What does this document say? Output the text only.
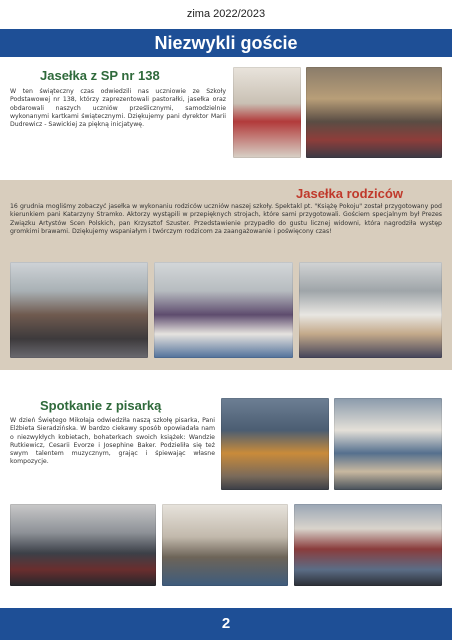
zima 2022/2023
Niezwykli goście
Jasełka z SP nr 138

W ten świąteczny czas odwiedzili nas uczniowie ze Szkoły Podstawowej nr 138, którzy zaprezentowali pastorałki, jasełka oraz obdarowali naszych uczniów prześlicznymi, samodzielnie wykonanymi kartkami świątecznymi. Dziękujemy pani dyrektor Marii Dudrewicz - Sawickiej za piękną inicjatywę.

Jasełka rodziców

16 grudnia mogliśmy zobaczyć jasełka w wykonaniu rodziców uczniów naszej szkoły. Spektakl pt. "Książę Pokoju" został przygotowany pod kierunkiem pani Katarzyny Stramko. Aktorzy wystąpili w przepięknych strojach, które sami przygotowali. Gościem specjalnym był Prezes Związku Artystów Scen Polskich, pan Krzysztof Szuster. Przedstawienie przypadło do gustu licznej widowni, która nagrodziła występ gromkimi brawami. Dziękujemy wspaniałym i twórczym rodzicom za zaangażowanie i poświęcony czas!

Spotkanie z pisarką

W dzień Świętego Mikołaja odwiedziła naszą szkołę pisarka, Pani Elżbieta Sieradzińska. W bardzo ciekawy sposób opowiadała nam o niezwykłych kobietach, bohaterkach swoich książek: Wandzie Rutkiewicz, Cesarii Evorze i Josephine Baker. Podzieliła się też swym talentem muzycznym, grając i śpiewając własne kompozycje.

2
